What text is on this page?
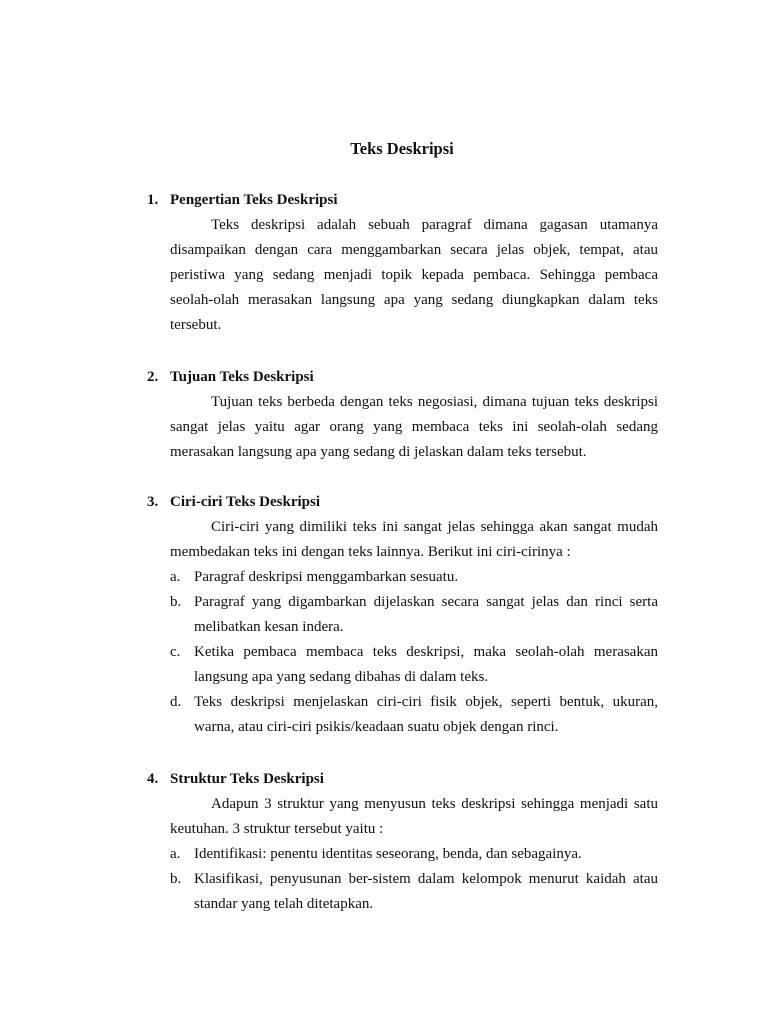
Teks Deskripsi
1. Pengertian Teks Deskripsi
Teks deskripsi adalah sebuah paragraf dimana gagasan utamanya disampaikan dengan cara menggambarkan secara jelas objek, tempat, atau peristiwa yang sedang menjadi topik kepada pembaca. Sehingga pembaca seolah-olah merasakan langsung apa yang sedang diungkapkan dalam teks tersebut.
2. Tujuan Teks Deskripsi
Tujuan teks berbeda dengan teks negosiasi, dimana tujuan teks deskripsi sangat jelas yaitu agar orang yang membaca teks ini seolah-olah sedang merasakan langsung apa yang sedang di jelaskan dalam teks tersebut.
3. Ciri-ciri Teks Deskripsi
Ciri-ciri yang dimiliki teks ini sangat jelas sehingga akan sangat mudah membedakan teks ini dengan teks lainnya. Berikut ini ciri-cirinya :
a. Paragraf deskripsi menggambarkan sesuatu.
b. Paragraf yang digambarkan dijelaskan secara sangat jelas dan rinci serta melibatkan kesan indera.
c. Ketika pembaca membaca teks deskripsi, maka seolah-olah merasakan langsung apa yang sedang dibahas di dalam teks.
d. Teks deskripsi menjelaskan ciri-ciri fisik objek, seperti bentuk, ukuran, warna, atau ciri-ciri psikis/keadaan suatu objek dengan rinci.
4. Struktur Teks Deskripsi
Adapun 3 struktur yang menyusun teks deskripsi sehingga menjadi satu keutuhan. 3 struktur tersebut yaitu :
a. Identifikasi: penentu identitas seseorang, benda, dan sebagainya.
b. Klasifikasi, penyusunan ber-sistem dalam kelompok menurut kaidah atau standar yang telah ditetapkan.
